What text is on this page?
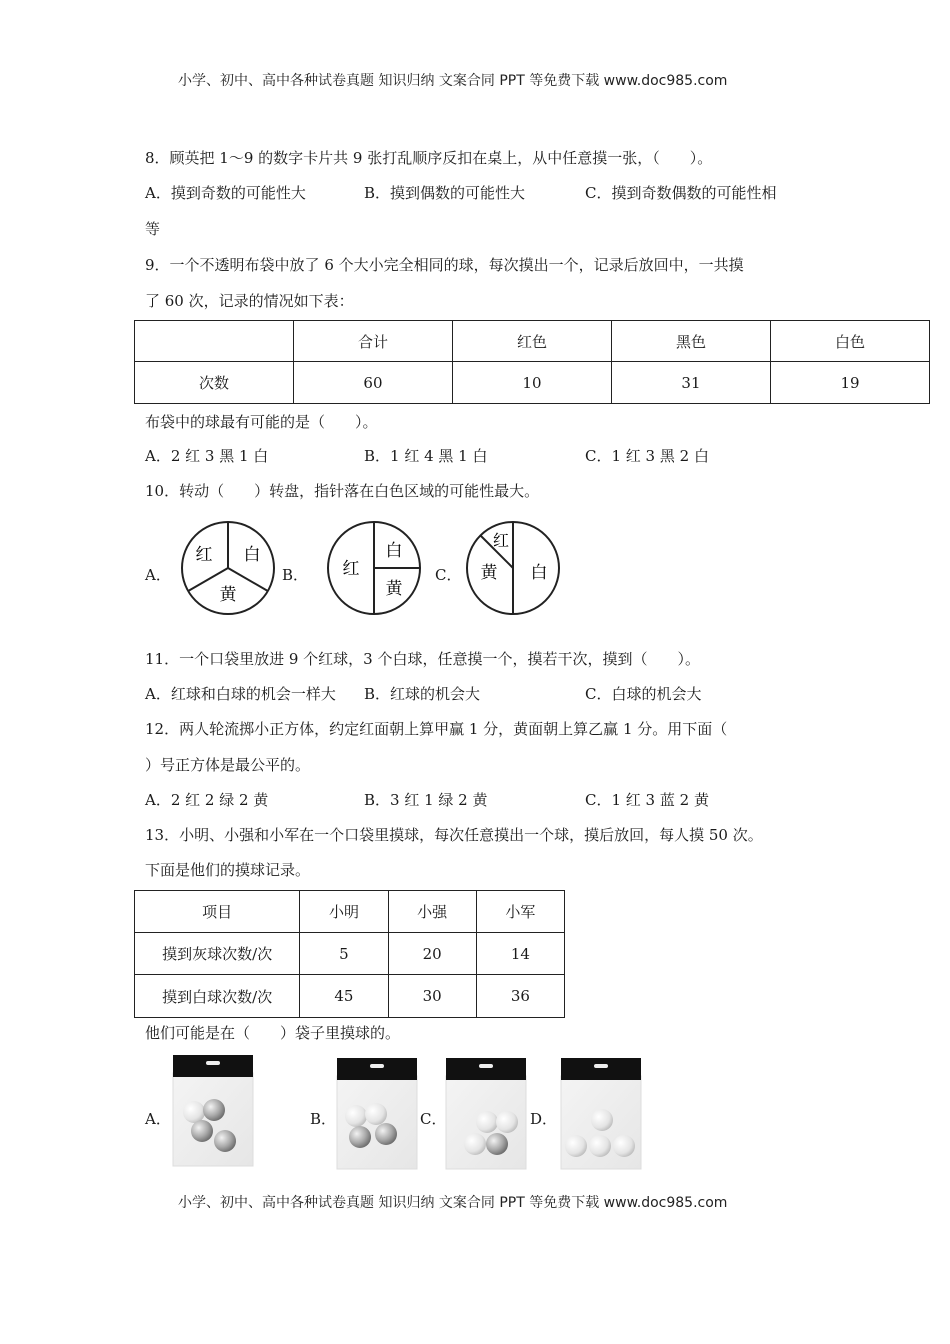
小学、初中、高中各种试卷真题 知识归纳 文案合同 PPT 等免费下载 www.doc985.com
8．顾英把 1～9 的数字卡片共 9 张打乱顺序反扣在桌上，从中任意摸一张，（　　）。
A．摸到奇数的可能性大	B．摸到偶数的可能性大	C．摸到奇数偶数的可能性相
等
9．一个不透明布袋中放了 6 个大小完全相同的球，每次摸出一个，记录后放回中，一共摸
了 60 次，记录的情况如下表：
	合计	红色	黑色	白色
次数	60	10	31	19
布袋中的球最有可能的是（　　）。
A．2 红 3 黑 1 白	B．1 红 4 黑 1 白	C．1 红 3 黑 2 白
10．转动（　　）转盘，指针落在白色区域的可能性最大。
A．	B．	C．
红 白
黄
红
白
黄
红
黄 白
11．一个口袋里放进 9 个红球，3 个白球，任意摸一个，摸若干次，摸到（　　）。
A．红球和白球的机会一样大 B．红球的机会大	C．白球的机会大
12．两人轮流掷小正方体，约定红面朝上算甲赢 1 分，黄面朝上算乙赢 1 分。用下面（
）号正方体是最公平的。
A．2 红 2 绿 2 黄	B．3 红 1 绿 2 黄	C．1 红 3 蓝 2 黄
13．小明、小强和小军在一个口袋里摸球，每次任意摸出一个球，摸后放回，每人摸 50 次。
下面是他们的摸球记录。
项目	小明	小强	小军
摸到灰球次数/次	5	20	14
摸到白球次数/次	45	30	36
他们可能是在（　　）袋子里摸球的。
A．	B．	C．	D．
小学、初中、高中各种试卷真题 知识归纳 文案合同 PPT 等免费下载 www.doc985.com
